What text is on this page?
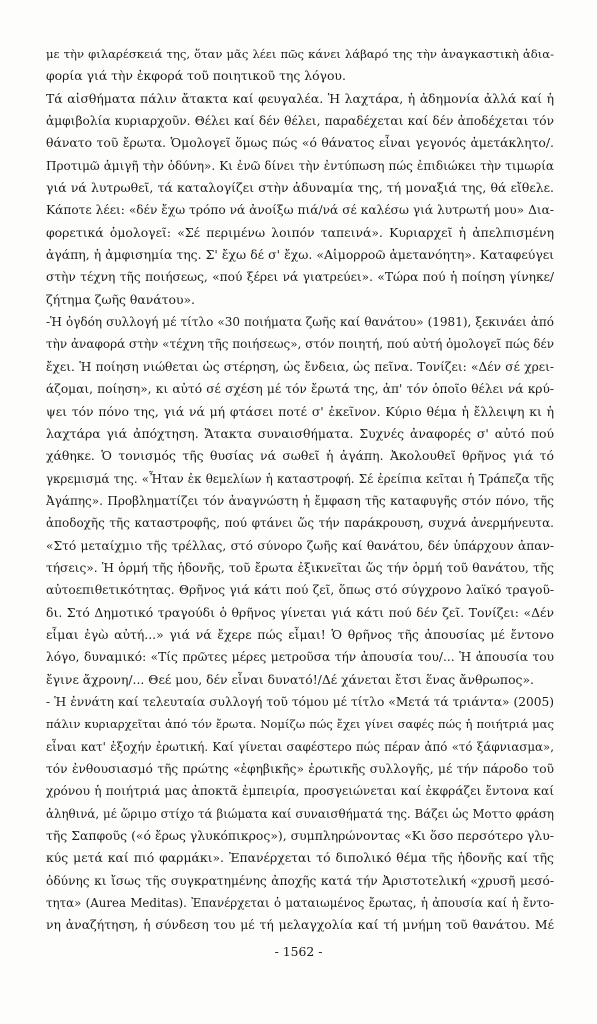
με τὴν φιλαρέσκειά της, ὅταν μᾶς λέει πῶς κάνει λάβαρό της τὴν ἀναγκαστικὴ ἀδια-
φορία γιά τὴν ἐκφορά τοῦ ποιητικοῦ της λόγου.
Τά αἰσθήματα πάλιν ἄτακτα καί φευγαλέα. Ἡ λαχτάρα, ἡ ἀδημονία ἀλλά καί ἡ
ἀμφιβολία κυριαρχοῦν. Θέλει καί δέν θέλει, παραδέχεται καί δέν ἀποδέχεται τόν
θάνατο τοῦ ἔρωτα. Ὁμολογεῖ ὅμως πώς «ό θάνατος εἶναι γεγονός ἀμετάκλητο/.
Προτιμῶ ἀμιγῆ τὴν ὀδύνη». Κι ἐνῶ δίνει τὴν ἐντύπωση πώς ἐπιδιώκει τὴν τιμωρία
γιά νά λυτρωθεῖ, τά καταλογίζει στὴν ἀδυναμία της, τή μοναξιά της, θά εἴθελε.
Κάποτε λέει: «δέν ἔχω τρόπο νά ἀνοίξω πιά/νά σέ καλέσω γιά λυτρωτή μου» Δια-
φορετικά ὁμολογεῖ: «Σέ περιμένω λοιπόν ταπεινά». Κυριαρχεῖ ἡ ἀπελπισμένη
ἀγάπη, ἡ ἀμφισημία της. Σ' ἔχω δέ σ' ἔχω. «Αἱμορροῶ ἀμετανόητη». Καταφεύγει
στὴν τέχνη τῆς ποιήσεως, «πού ξέρει νά γιατρεύει». «Τώρα πού ἡ ποίηση γίνηκε/
ζήτημα ζωῆς θανάτου».
-Ἡ ὀγδόη συλλογή μέ τίτλο «30 ποιήματα ζωῆς καί θανάτου» (1981), ξεκινάει ἀπό
τὴν ἀναφορά στὴν «τέχνη τῆς ποιήσεως», στόν ποιητή, πού αὐτή ὁμολογεῖ πώς δέν
ἔχει. Ἡ ποίηση νιώθεται ὡς στέρηση, ὡς ἔνδεια, ὡς πεῖνα. Τονίζει: «Δέν σέ χρει-
άζομαι, ποίηση», κι αὐτό σέ σχέση μέ τόν ἔρωτά της, ἀπ' τόν ὁποῖο θέλει νά κρύ-
ψει τόν πόνο της, γιά νά μή φτάσει ποτέ σ' ἐκεῖνον. Κύριο θέμα ἡ ἔλλειψη κι ἡ
λαχτάρα γιά ἀπόχτηση. Ἄτακτα συναισθήματα. Συχνές ἀναφορές σ' αὐτό πού
χάθηκε. Ὁ τονισμός τῆς θυσίας νά σωθεῖ ἡ ἀγάπη. Ἀκολουθεῖ θρῆνος γιά τό
γκρεμισμά της. «Ἦταν ἐκ θεμελίων ἡ καταστροφή. Σέ ἐρείπια κεῖται ἡ Τράπεζα τῆς
Ἀγάπης». Προβληματίζει τόν ἀναγνώστη ἡ ἔμφαση τῆς καταφυγῆς στόν πόνο, τῆς
ἀποδοχῆς τῆς καταστροφῆς, πού φτάνει ὥς τήν παράκρουση, συχνά ἀνερμήνευτα.
«Στό μεταίχμιο τῆς τρέλλας, στό σύνορο ζωῆς καί θανάτου, δέν ὑπάρχουν ἀπαν-
τήσεις». Ἡ ὁρμή τῆς ἡδονῆς, τοῦ ἔρωτα ἐξικνεῖται ὥς τήν ὁρμή τοῦ θανάτου, τῆς
αὐτοεπιθετικότητας. Θρῆνος γιά κάτι πού ζεῖ, ὅπως στό σύγχρονο λαϊκό τραγοῦ-
δι. Στό Δημοτικό τραγούδι ὁ θρῆνος γίνεται γιά κάτι πού δέν ζεῖ. Τονίζει: «Δέν
εἶμαι ἐγὼ αὐτή...» γιά νά ἔχερε πώς εἶμαι! Ὁ θρῆνος τῆς ἀπουσίας μέ ἔντονο
λόγο, δυναμικό: «Τίς πρῶτες μέρες μετροῦσα τήν ἀπουσία του/... Ἡ ἀπουσία του
ἔγινε ἄχρονη/... Θεέ μου, δέν εἶναι δυνατό!/Δέ χάνεται ἔτσι ἕνας ἄνθρωπος».
- Ἡ ἐννάτη καί τελευταία συλλογή τοῦ τόμου μέ τίτλο «Μετά τά τριάντα» (2005)
πάλιν κυριαρχεῖται ἀπό τόν ἔρωτα. Νομίζω πώς ἔχει γίνει σαφές πώς ἡ ποιήτριά μας
εἶναι κατ' ἐξοχήν ἐρωτική. Καί γίνεται σαφέστερο πώς πέραν ἀπό «τό ξάφνιασμα»,
τόν ἐνθουσιασμό τῆς πρώτης «ἐφηβικῆς» ἐρωτικῆς συλλογῆς, μέ τήν πάροδο τοῦ
χρόνου ἡ ποιήτριά μας ἀποκτᾶ ἐμπειρία, προσγειώνεται καί ἐκφράζει ἔντονα καί
ἀληθινά, μέ ὥριμο στίχο τά βιώματα καί συναισθήματά της. Βάζει ὡς Μοττο φράση
τῆς Σαπφοῦς («ό ἔρως γλυκόπικρος»), συμπληρώνοντας «Κι ὅσο περσότερο γλυ-
κύς μετά καί πιό φαρμάκι». Ἐπανέρχεται τό διπολικό θέμα τῆς ἡδονῆς καί τῆς
ὀδύνης κι ἴσως τῆς συγκρατημένης ἀποχῆς κατά τήν Ἀριστοτελική «χρυσῆ μεσό-
τητα» (Aurea Meditas). Ἐπανέρχεται ὁ ματαιωμένος ἔρωτας, ἡ ἀπουσία καί ἡ ἔντο-
νη ἀναζήτηση, ἡ σύνδεση του μέ τή μελαγχολία καί τή μνήμη τοῦ θανάτου. Μέ
- 1562 -
